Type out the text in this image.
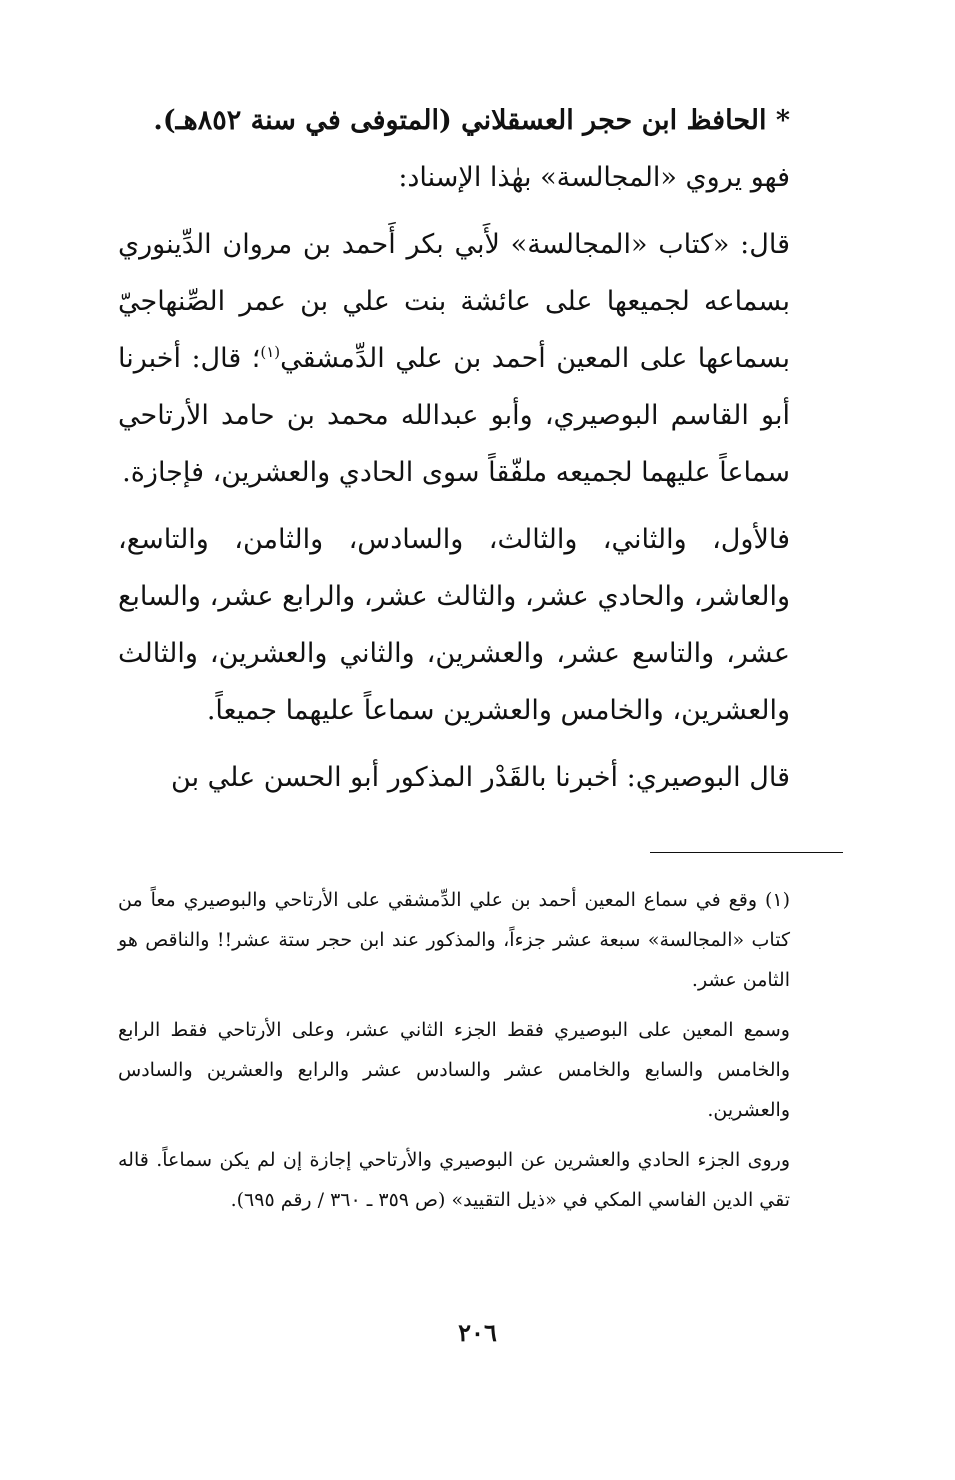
* الحافظ ابن حجر العسقلاني (المتوفى في سنة ٨٥٢هـ).

فهو يروي «المجالسة» بهٰذا الإسناد:

قال: «كتاب «المجالسة» لأَبي بكر أَحمد بن مروان الدِّينوري بسماعه لجميعها على عائشة بنت علي بن عمر الصِّنهاجيّ بسماعها على المعين أحمد بن علي الدِّمشقي$^{(١)}$؛ قال: أخبرنا أبو القاسم البوصيري، وأبو عبدالله محمد بن حامد الأرتاحي سماعاً عليهما لجميعه ملفّقاً سوى الحادي والعشرين، فإجازة.

فالأول، والثاني، والثالث، والسادس، والثامن، والتاسع، والعاشر، والحادي عشر، والثالث عشر، والرابع عشر، والسابع عشر، والتاسع عشر، والعشرين، والثاني والعشرين، والثالث والعشرين، والخامس والعشرين سماعاً عليهما جميعاً.

قال البوصيري: أخبرنا بالقَدْر المذكور أبو الحسن علي بن

(١) وقع في سماع المعين أحمد بن علي الدِّمشقي على الأرتاحي والبوصيري معاً من كتاب «المجالسة» سبعة عشر جزءاً، والمذكور عند ابن حجر ستة عشر!! والناقص هو الثامن عشر.

وسمع المعين على البوصيري فقط الجزء الثاني عشر، وعلى الأرتاحي فقط الرابع والخامس والسابع والخامس عشر والسادس عشر والرابع والعشرين والسادس والعشرين.

وروى الجزء الحادي والعشرين عن البوصيري والأرتاحي إجازة إن لم يكن سماعاً. قاله تقي الدين الفاسي المكي في «ذيل التقييد» (ص ٣٥٩ ـ ٣٦٠ / رقم ٦٩٥).

٢٠٦
